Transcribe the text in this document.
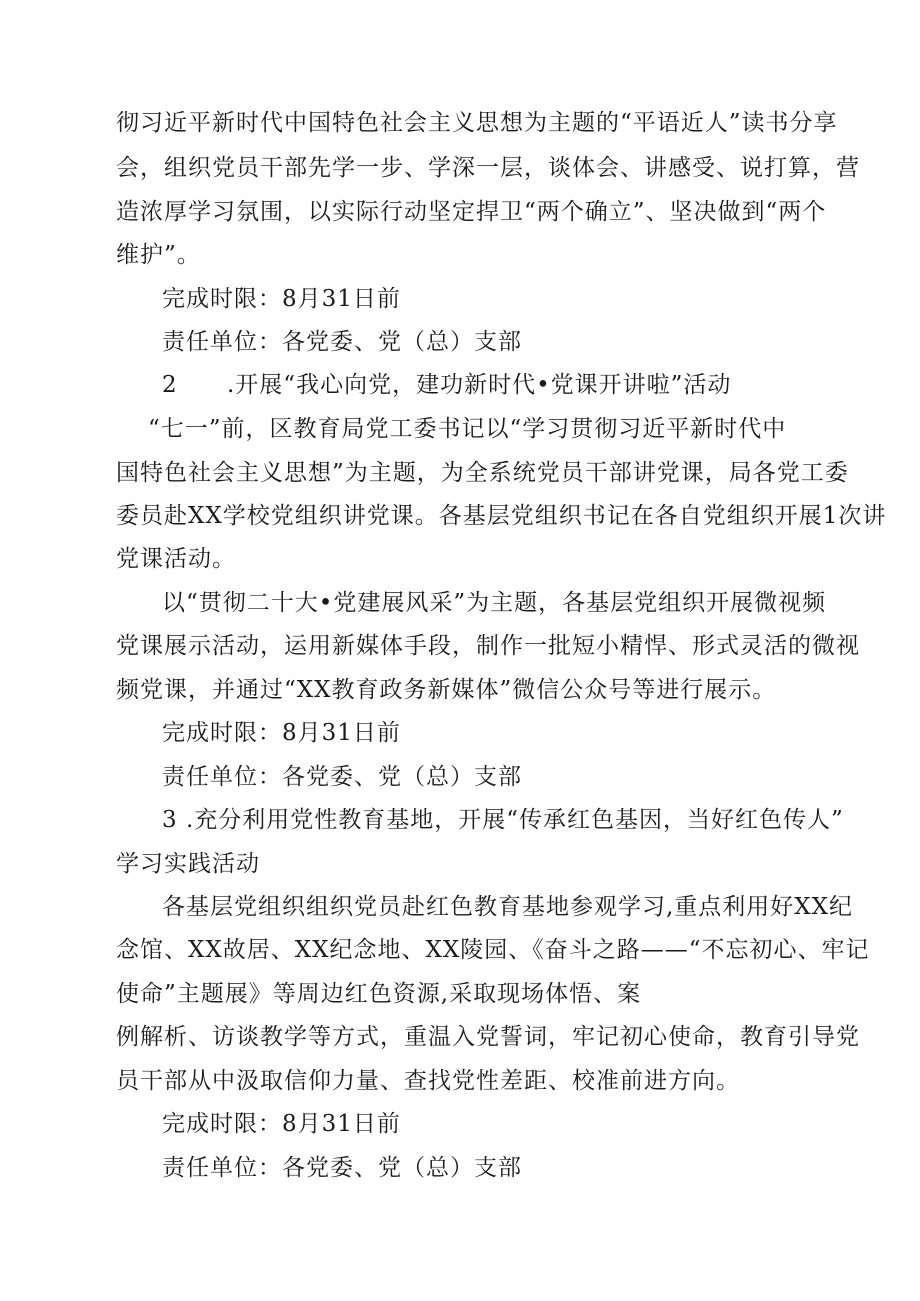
彻习近平新时代中国特色社会主义思想为主题的“平语近人”读书分享
会，组织党员干部先学一步、学深一层，谈体会、讲感受、说打算，营
造浓厚学习氛围，以实际行动坚定捍卫“两个确立”、坚决做到“两个
维护”。
完成时限：8月31日前
责任单位：各党委、党（总）支部
2 .开展“我心向党，建功新时代•党课开讲啦”活动
“七一”前，区教育局党工委书记以“学习贯彻习近平新时代中
国特色社会主义思想”为主题，为全系统党员干部讲党课，局各党工委
委员赴XX学校党组织讲党课。各基层党组织书记在各自党组织开展1次讲
党课活动。
以“贯彻二十大•党建展风采”为主题，各基层党组织开展微视频
党课展示活动，运用新媒体手段，制作一批短小精悍、形式灵活的微视
频党课，并通过“XX教育政务新媒体”微信公众号等进行展示。
完成时限：8月31日前
责任单位：各党委、党（总）支部
3 .充分利用党性教育基地，开展“传承红色基因，当好红色传人”
学习实践活动
各基层党组织组织党员赴红色教育基地参观学习,重点利用好XX纪
念馆、XX故居、XX纪念地、XX陵园、《奋斗之路——“不忘初心、牢记
使命”主题展》等周边红色资源,采取现场体悟、案
例解析、访谈教学等方式，重温入党誓词，牢记初心使命，教育引导党
员干部从中汲取信仰力量、查找党性差距、校准前进方向。
完成时限：8月31日前
责任单位：各党委、党（总）支部
